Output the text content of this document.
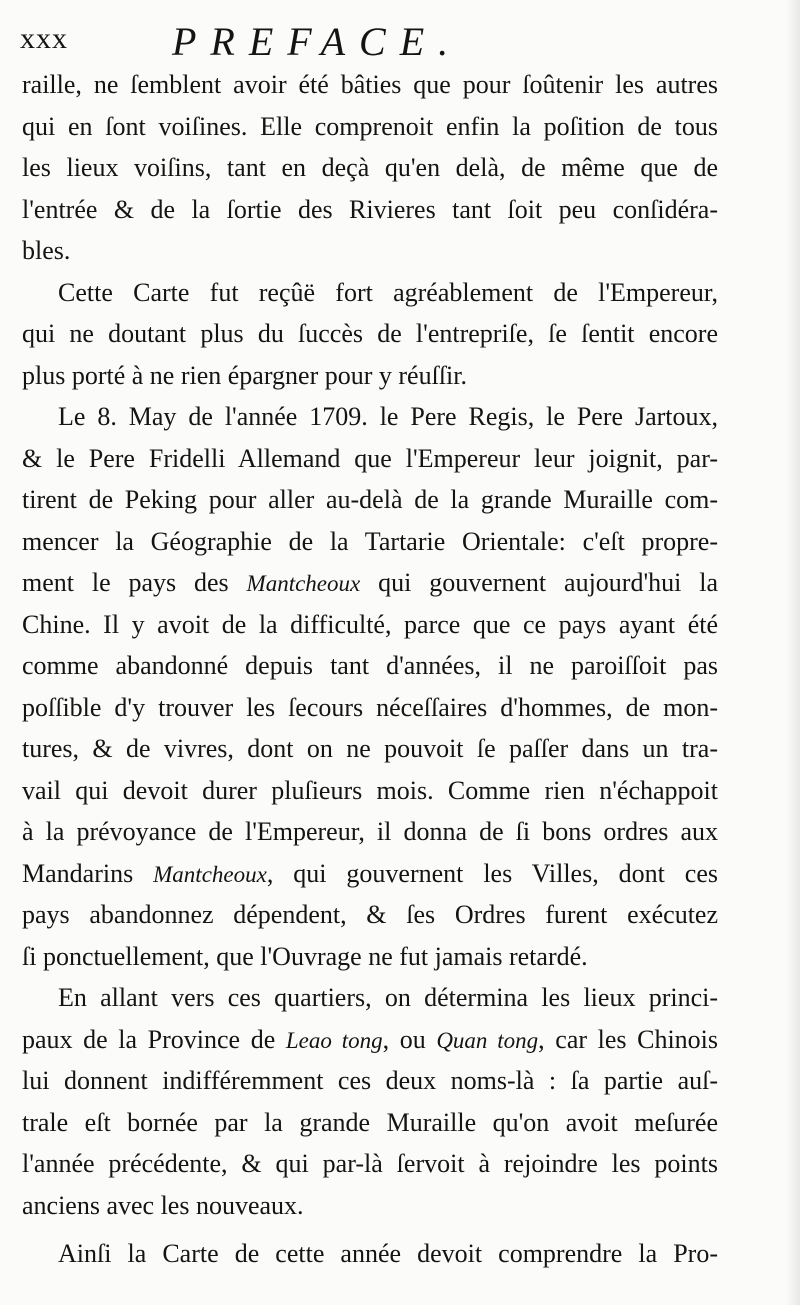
xxx	PREFACE.
raille, ne ſemblent avoir été bâties que pour ſoûtenir les autres
qui en ſont voiſines. Elle comprenoit enfin la poſition de tous
les lieux voiſins, tant en deçà qu'en delà, de même que de
l'entrée & de la ſortie des Rivieres tant ſoit peu conſidéra-
bles.
Cette Carte fut reçûë fort agréablement de l'Empereur,
qui ne doutant plus du ſuccès de l'entrepriſe, ſe ſentit encore
plus porté à ne rien épargner pour y réuſſir.
Le 8. May de l'année 1709. le Pere Regis, le Pere Jartoux,
& le Pere Fridelli Allemand que l'Empereur leur joignit, par-
tirent de Peking pour aller au-delà de la grande Muraille com-
mencer la Géographie de la Tartarie Orientale: c'eſt propre-
ment le pays des Mantcheoux qui gouvernent aujourd'hui la
Chine. Il y avoit de la difficulté, parce que ce pays ayant été
comme abandonné depuis tant d'années, il ne paroiſſoit pas
poſſible d'y trouver les ſecours néceſſaires d'hommes, de mon-
tures, & de vivres, dont on ne pouvoit ſe paſſer dans un tra-
vail qui devoit durer pluſieurs mois. Comme rien n'échappoit
à la prévoyance de l'Empereur, il donna de ſi bons ordres aux
Mandarins Mantcheoux, qui gouvernent les Villes, dont ces
pays abandonnez dépendent, & ſes Ordres furent exécutez
ſi ponctuellement, que l'Ouvrage ne fut jamais retardé.
En allant vers ces quartiers, on détermina les lieux princi-
paux de la Province de Leao tong, ou Quan tong, car les Chinois
lui donnent indifféremment ces deux noms-là : ſa partie auſ-
trale eſt bornée par la grande Muraille qu'on avoit meſurée
l'année précédente, & qui par-là ſervoit à rejoindre les points
anciens avec les nouveaux.
Ainſi la Carte de cette année devoit comprendre la Pro-
